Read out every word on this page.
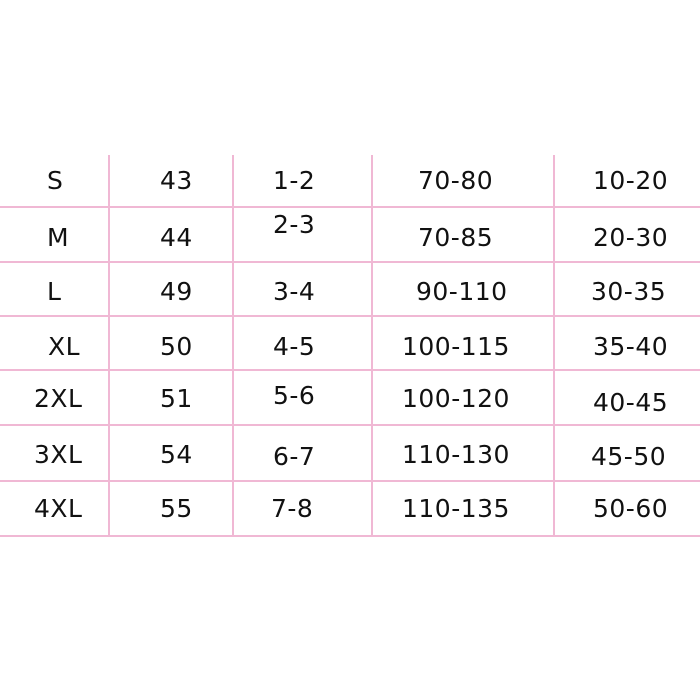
S	43	1-2	70-80	10-20
M	44	2-3	70-85	20-30
L	49	3-4	90-110	30-35
XL	50	4-5	100-115	35-40
2XL	51	5-6	100-120	40-45
3XL	54	6-7	110-130	45-50
4XL	55	7-8	110-135	50-60
